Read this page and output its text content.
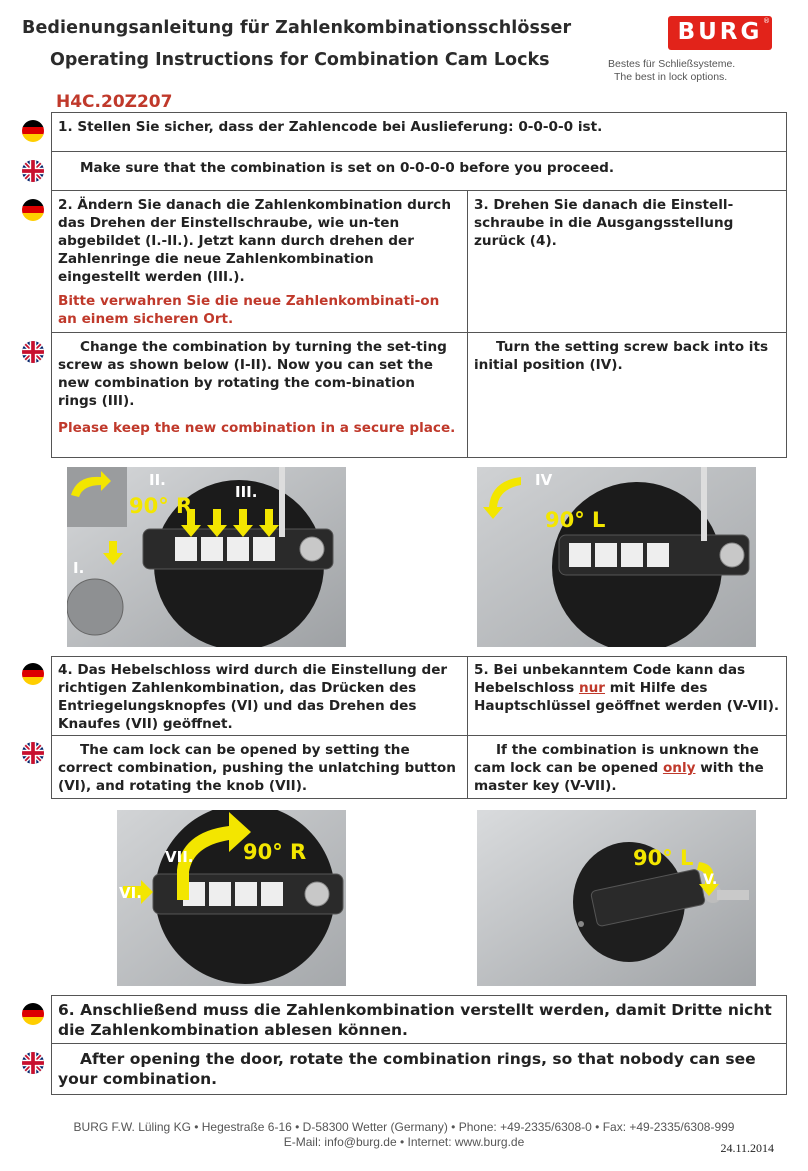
Bedienungsanleitung für Zahlenkombinationsschlösser
Operating Instructions for Combination Cam Locks
BURG ®
Bestes für Schließsysteme.
The best in lock options.
H4C.20Z207
1. Stellen Sie sicher, dass der Zahlencode bei Auslieferung: 0-0-0-0 ist.
Make sure that the combination is set on 0-0-0-0 before you proceed.
2. Ändern Sie danach die Zahlenkombination durch das Drehen der Einstellschraube, wie un-ten abgebildet (I.-II.). Jetzt kann durch drehen der Zahlenringe die neue Zahlenkombination eingestellt werden (III.).
Bitte verwahren Sie die neue Zahlenkombinati-on an einem sicheren Ort.
3. Drehen Sie danach die Einstell-schraube in die Ausgangsstellung zurück (4).
Change the combination by turning the set-ting screw as shown below (I-II). Now you can set the new combination by rotating the com-bination rings (III).
Please keep the new combination in a secure place.
Turn the setting screw back into its initial position (IV).
II.
III.
I.
90° R
IV
90° L
4. Das Hebelschloss wird durch die Einstellung der richtigen Zahlenkombination, das Drücken des Entriegelungsknopfes (VI) und das Drehen des Knaufes (VII) geöffnet.
5. Bei unbekanntem Code kann das Hebelschloss nur mit Hilfe des Hauptschlüssel geöffnet werden (V-VII).
The cam lock can be opened by setting the correct combination, pushing the unlatching button (VI), and rotating the knob (VII).
If the combination is unknown the cam lock can be opened only with the master key (V-VII).
VII.
VI.
90° R	90° L
V.
6. Anschließend muss die Zahlenkombination verstellt werden, damit Dritte nicht die Zahlenkombination ablesen können.
After opening the door, rotate the combination rings, so that nobody can see your combination.
BURG F.W. Lüling KG • Hegestraße 6-16 • D-58300 Wetter (Germany) • Phone: +49-2335/6308-0 • Fax: +49-2335/6308-999
E-Mail: info@burg.de • Internet: www.burg.de	24.11.2014
